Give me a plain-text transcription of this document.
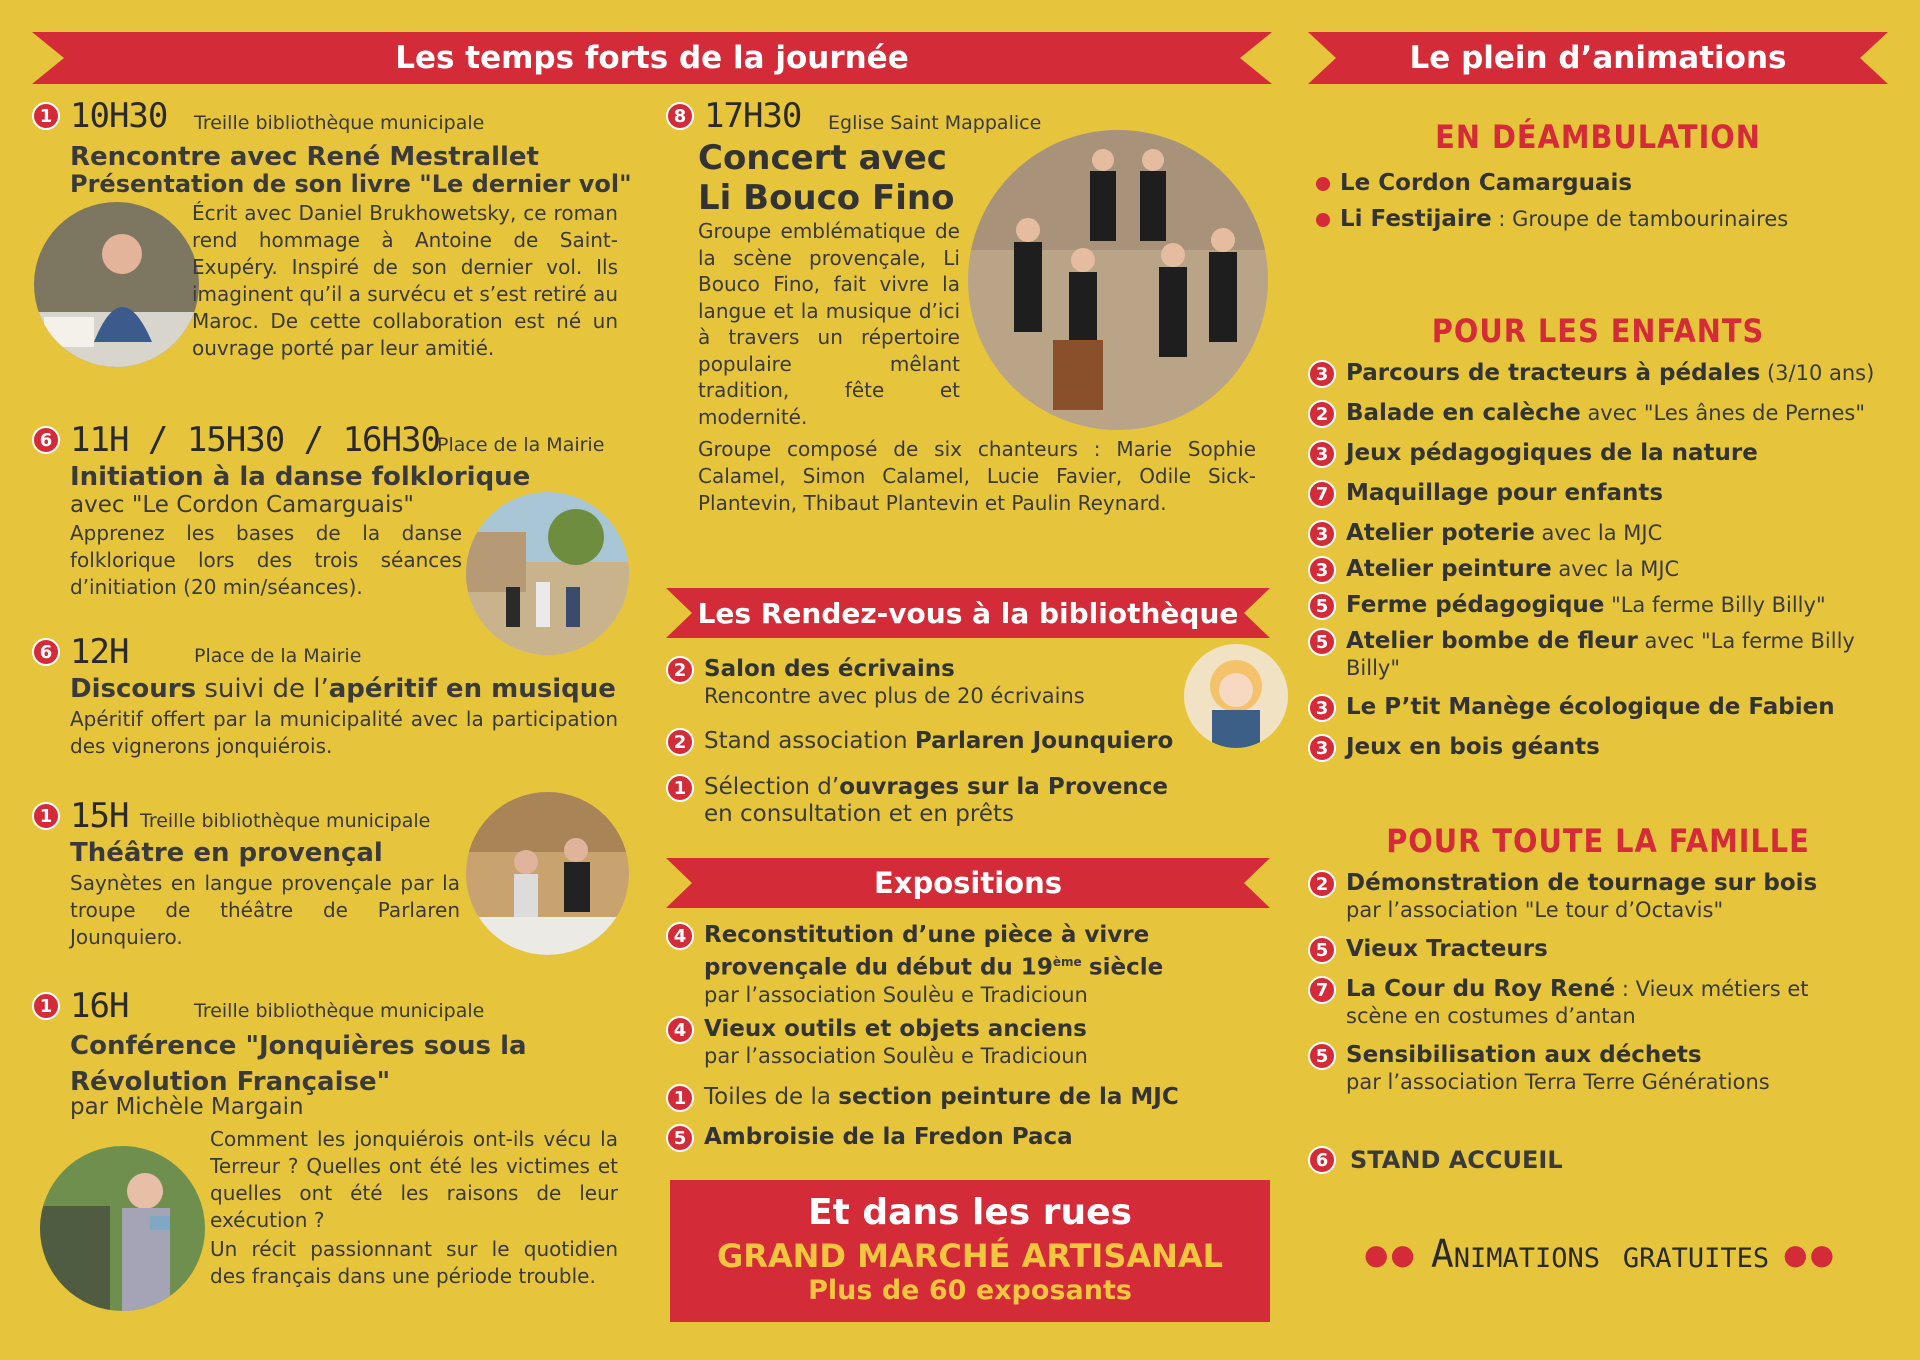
Les temps forts de la journée	Le plein d’animations
1 10H30 Treille bibliothèque municipale
Rencontre avec René Mestrallet
Présentation de son livre "Le dernier vol"
Écrit avec Daniel Brukhowetsky, ce roman rend hommage à Antoine de Saint-Exupéry. Inspiré de son dernier vol. Ils imaginent qu’il a survécu et s’est retiré au Maroc. De cette collaboration est né un ouvrage porté par leur amitié.
6 11H / 15H30 / 16H30
Place de la Mairie
Initiation à la danse folklorique
avec "Le Cordon Camarguais"
Apprenez les bases de la danse folklorique lors des trois séances d’initiation (20 min/séances).
6 12H	Place de la Mairie
Discours suivi de l’apéritif en musique
Apéritif offert par la municipalité avec la participation des vignerons jonquiérois.
1 15H Treille bibliothèque municipale
Théâtre en provençal
Saynètes en langue provençale par la troupe de théâtre de Parlaren Jounquiero.
1 16H	Treille bibliothèque municipale
Conférence "Jonquières sous la Révolution Française"
par Michèle Margain
Comment les jonquiérois ont-ils vécu la Terreur ? Quelles ont été les victimes et quelles ont été les raisons de leur exécution ?
Un récit passionnant sur le quotidien des français dans une période trouble.
8 17H30 Eglise Saint Mappalice
Concert avec Li Bouco Fino
Groupe emblématique de la scène provençale, Li Bouco Fino, fait vivre la langue et la musique d’ici à travers un répertoire populaire mêlant tradition, fête et modernité.
Groupe composé de six chanteurs : Marie Sophie Calamel, Simon Calamel, Lucie Favier, Odile Sick-Plantevin, Thibaut Plantevin et Paulin Reynard.
Les Rendez-vous à la bibliothèque
2 Salon des écrivains
Rencontre avec plus de 20 écrivains
2 Stand association Parlaren Jounquiero
1 Sélection d’ouvrages sur la Provence
en consultation et en prêts
Expositions
4 Reconstitution d’une pièce à vivre provençale du début du 19ème siècle
par l’association Soulèu e Tradicioun
4 Vieux outils et objets anciens
par l’association Soulèu e Tradicioun
1 Toiles de la section peinture de la MJC
5 Ambroisie de la Fredon Paca
Et dans les rues
GRAND MARCHÉ ARTISANAL
Plus de 60 exposants
EN DÉAMBULATION
Le Cordon Camarguais
Li Festijaire : Groupe de tambourinaires
POUR LES ENFANTS
3 Parcours de tracteurs à pédales (3/10 ans)
2 Balade en calèche avec "Les ânes de Pernes"
3 Jeux pédagogiques de la nature
7 Maquillage pour enfants
3 Atelier poterie avec la MJC
3 Atelier peinture avec la MJC
5 Ferme pédagogique "La ferme Billy Billy"
5 Atelier bombe de fleur avec "La ferme Billy Billy"
3 Le P’tit Manège écologique de Fabien
3 Jeux en bois géants
POUR TOUTE LA FAMILLE
2 Démonstration de tournage sur bois
par l’association "Le tour d’Octavis"
5 Vieux Tracteurs
7 La Cour du Roy René : Vieux métiers et
scène en costumes d’antan
5 Sensibilisation aux déchets
par l’association Terra Terre Générations
6 STAND ACCUEIL
●● Animations gratuites ●●
